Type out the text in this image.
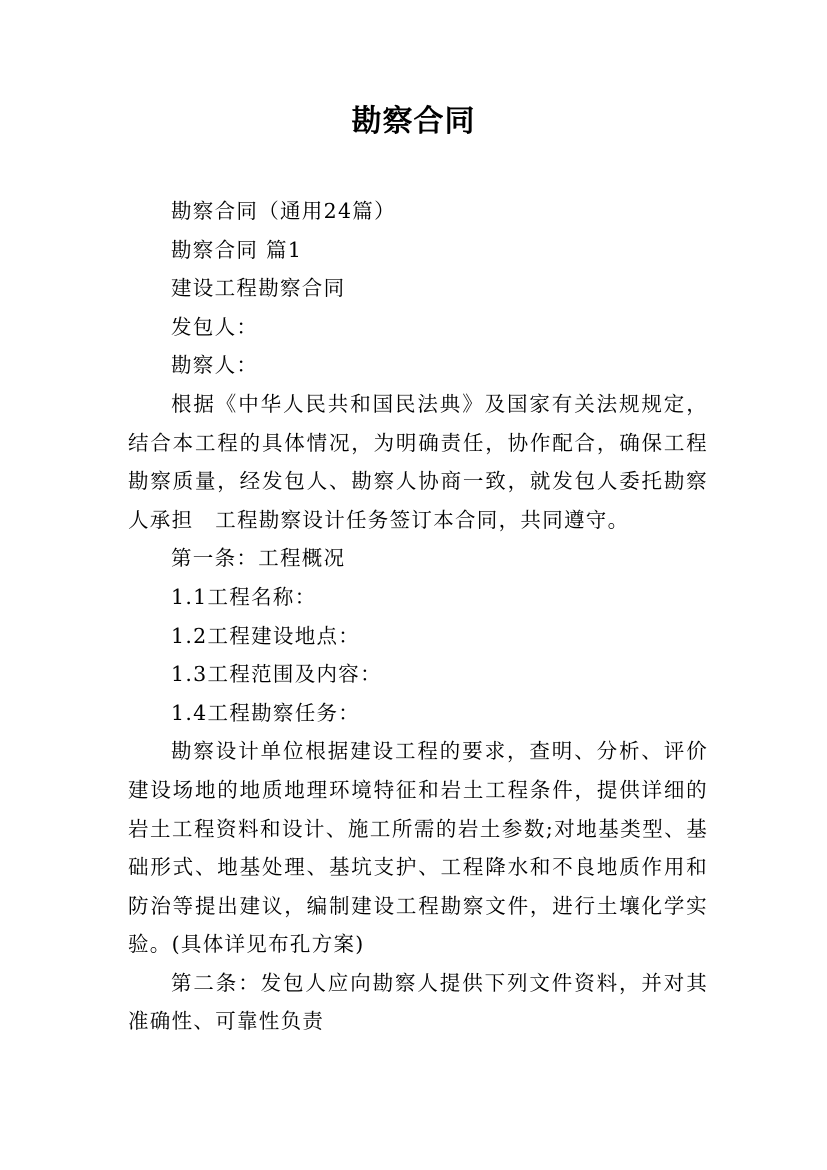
勘察合同

勘察合同（通用24篇）

勘察合同 篇1

建设工程勘察合同

发包人：

勘察人：

根据《中华人民共和国民法典》及国家有关法规规定，结合本工程的具体情况，为明确责任，协作配合，确保工程勘察质量，经发包人、勘察人协商一致，就发包人委托勘察人承担　工程勘察设计任务签订本合同，共同遵守。

第一条：工程概况

1.1工程名称：

1.2工程建设地点：

1.3工程范围及内容：

1.4工程勘察任务：

勘察设计单位根据建设工程的要求，查明、分析、评价建设场地的地质地理环境特征和岩土工程条件，提供详细的岩土工程资料和设计、施工所需的岩土参数;对地基类型、基础形式、地基处理、基坑支护、工程降水和不良地质作用和防治等提出建议，编制建设工程勘察文件，进行土壤化学实验。(具体详见布孔方案)

第二条：发包人应向勘察人提供下列文件资料，并对其准确性、可靠性负责
